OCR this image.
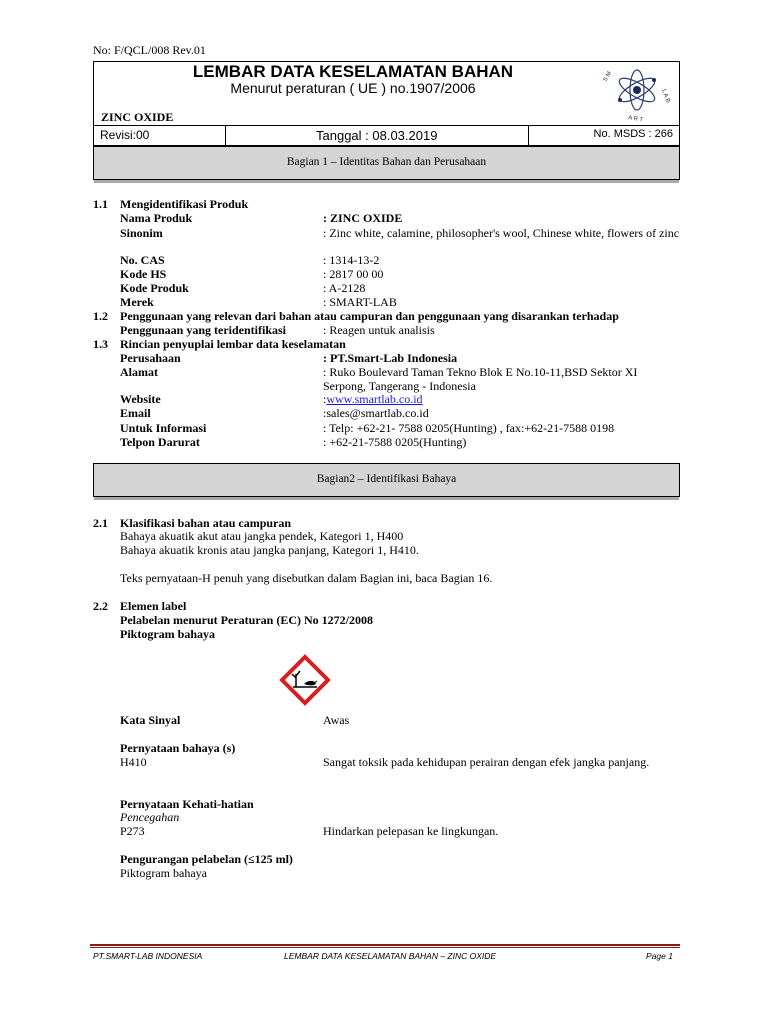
No: F/QCL/008 Rev.01
LEMBAR DATA KESELAMATAN BAHAN
Menurut peraturan ( UE ) no.1907/2006
ZINC OXIDE
S M
A R T
L A B
Revisi:00	Tanggal : 08.03.2019	No. MSDS : 266
Bagian 1 – Identitas Bahan dan Perusahaan
1.1 Mengidentifikasi Produk
Nama Produk	: ZINC OXIDE
Sinonim	: Zinc white, calamine, philosopher's wool, Chinese white, flowers of zinc
No. CAS	: 1314-13-2
Kode HS	: 2817 00 00
Kode Produk	: A-2128
Merek	: SMART-LAB
1.2 Penggunaan yang relevan dari bahan atau campuran dan penggunaan yang disarankan terhadap
Penggunaan yang teridentifikasi	: Reagen untuk analisis
1.3 Rincian penyuplai lembar data keselamatan
Perusahaan	: PT.Smart-Lab Indonesia
Alamat	: Ruko Boulevard Taman Tekno Blok E No.10-11,BSD Sektor XI Serpong, Tangerang - Indonesia
Website	:www.smartlab.co.id
Email	:sales@smartlab.co.id
Untuk Informasi	: Telp: +62-21- 7588 0205(Hunting) , fax:+62-21-7588 0198
Telpon Darurat	: +62-21-7588 0205(Hunting)
Bagian2 – Identifikasi Bahaya
2.1 Klasifikasi bahan atau campuran
Bahaya akuatik akut atau jangka pendek, Kategori 1, H400
Bahaya akuatik kronis atau jangka panjang, Kategori 1, H410.
Teks pernyataan-H penuh yang disebutkan dalam Bagian ini, baca Bagian 16.
2.2 Elemen label
Pelabelan menurut Peraturan (EC) No 1272/2008
Piktogram bahaya
Kata Sinyal	Awas
Pernyataan bahaya (s)
H410	Sangat toksik pada kehidupan perairan dengan efek jangka panjang.
Pernyataan Kehati-hatian
Pencegahan
P273	Hindarkan pelepasan ke lingkungan.
Pengurangan pelabelan (≤125 ml)
Piktogram bahaya
PT.SMART-LAB INDONESIA	LEMBAR DATA KESELAMATAN BAHAN – ZINC OXIDE	Page 1
